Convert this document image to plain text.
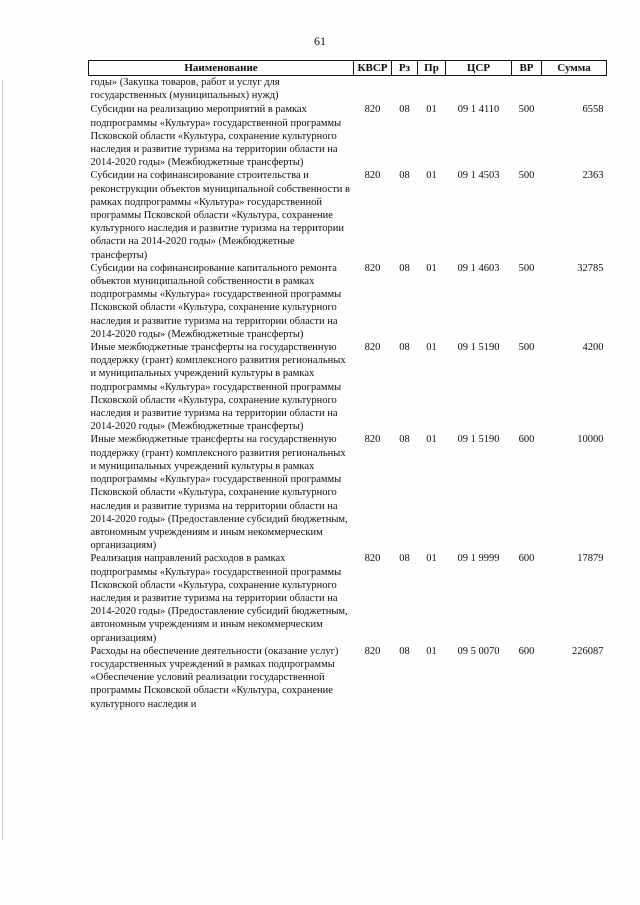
61
Наименование	КВСР	Рз	Пр	ЦСР	ВР	Сумма
годы» (Закупка товаров, работ и услуг для государственных (муниципальных) нужд)						
Субсидии на реализацию мероприятий в рамках подпрограммы «Культура» государственной программы Псковской области «Культура, сохранение культурного наследия и развитие туризма на территории области на 2014-2020 годы» (Межбюджетные трансферты)	820	08	01	09 1 4110	500	6558
Субсидии на софинансирование строительства и реконструкции объектов муниципальной собственности в рамках подпрограммы «Культура» государственной программы Псковской области «Культура, сохранение культурного наследия и развитие туризма на территории области на 2014-2020 годы» (Межбюджетные трансферты)	820	08	01	09 1 4503	500	2363
Субсидии на софинансирование капитального ремонта объектов муниципальной собственности в рамках подпрограммы «Культура» государственной программы Псковской области «Культура, сохранение культурного наследия и развитие туризма на территории области на 2014-2020 годы» (Межбюджетные трансферты)	820	08	01	09 1 4603	500	32785
Иные межбюджетные трансферты на государственную поддержку (грант) комплексного развития региональных и муниципальных учреждений культуры в рамках подпрограммы «Культура» государственной программы Псковской области «Культура, сохранение культурного наследия и развитие туризма на территории области на 2014-2020 годы» (Межбюджетные трансферты)	820	08	01	09 1 5190	500	4200
Иные межбюджетные трансферты на государственную поддержку (грант) комплексного развития региональных и муниципальных учреждений культуры в рамках подпрограммы «Культура» государственной программы Псковской области «Культура, сохранение культурного наследия и развитие туризма на территории области на 2014-2020 годы» (Предоставление субсидий бюджетным, автономным учреждениям и иным некоммерческим организациям)	820	08	01	09 1 5190	600	10000
Реализация направлений расходов в рамках подпрограммы «Культура» государственной программы Псковской области «Культура, сохранение культурного наследия и развитие туризма на территории области на 2014-2020 годы» (Предоставление субсидий бюджетным, автономным учреждениям и иным некоммерческим организациям)	820	08	01	09 1 9999	600	17879
Расходы на обеспечение деятельности (оказание услуг) государственных учреждений в рамках подпрограммы «Обеспечение условий реализации государственной программы Псковской области «Культура, сохранение культурного наследия и	820	08	01	09 5 0070	600	226087
